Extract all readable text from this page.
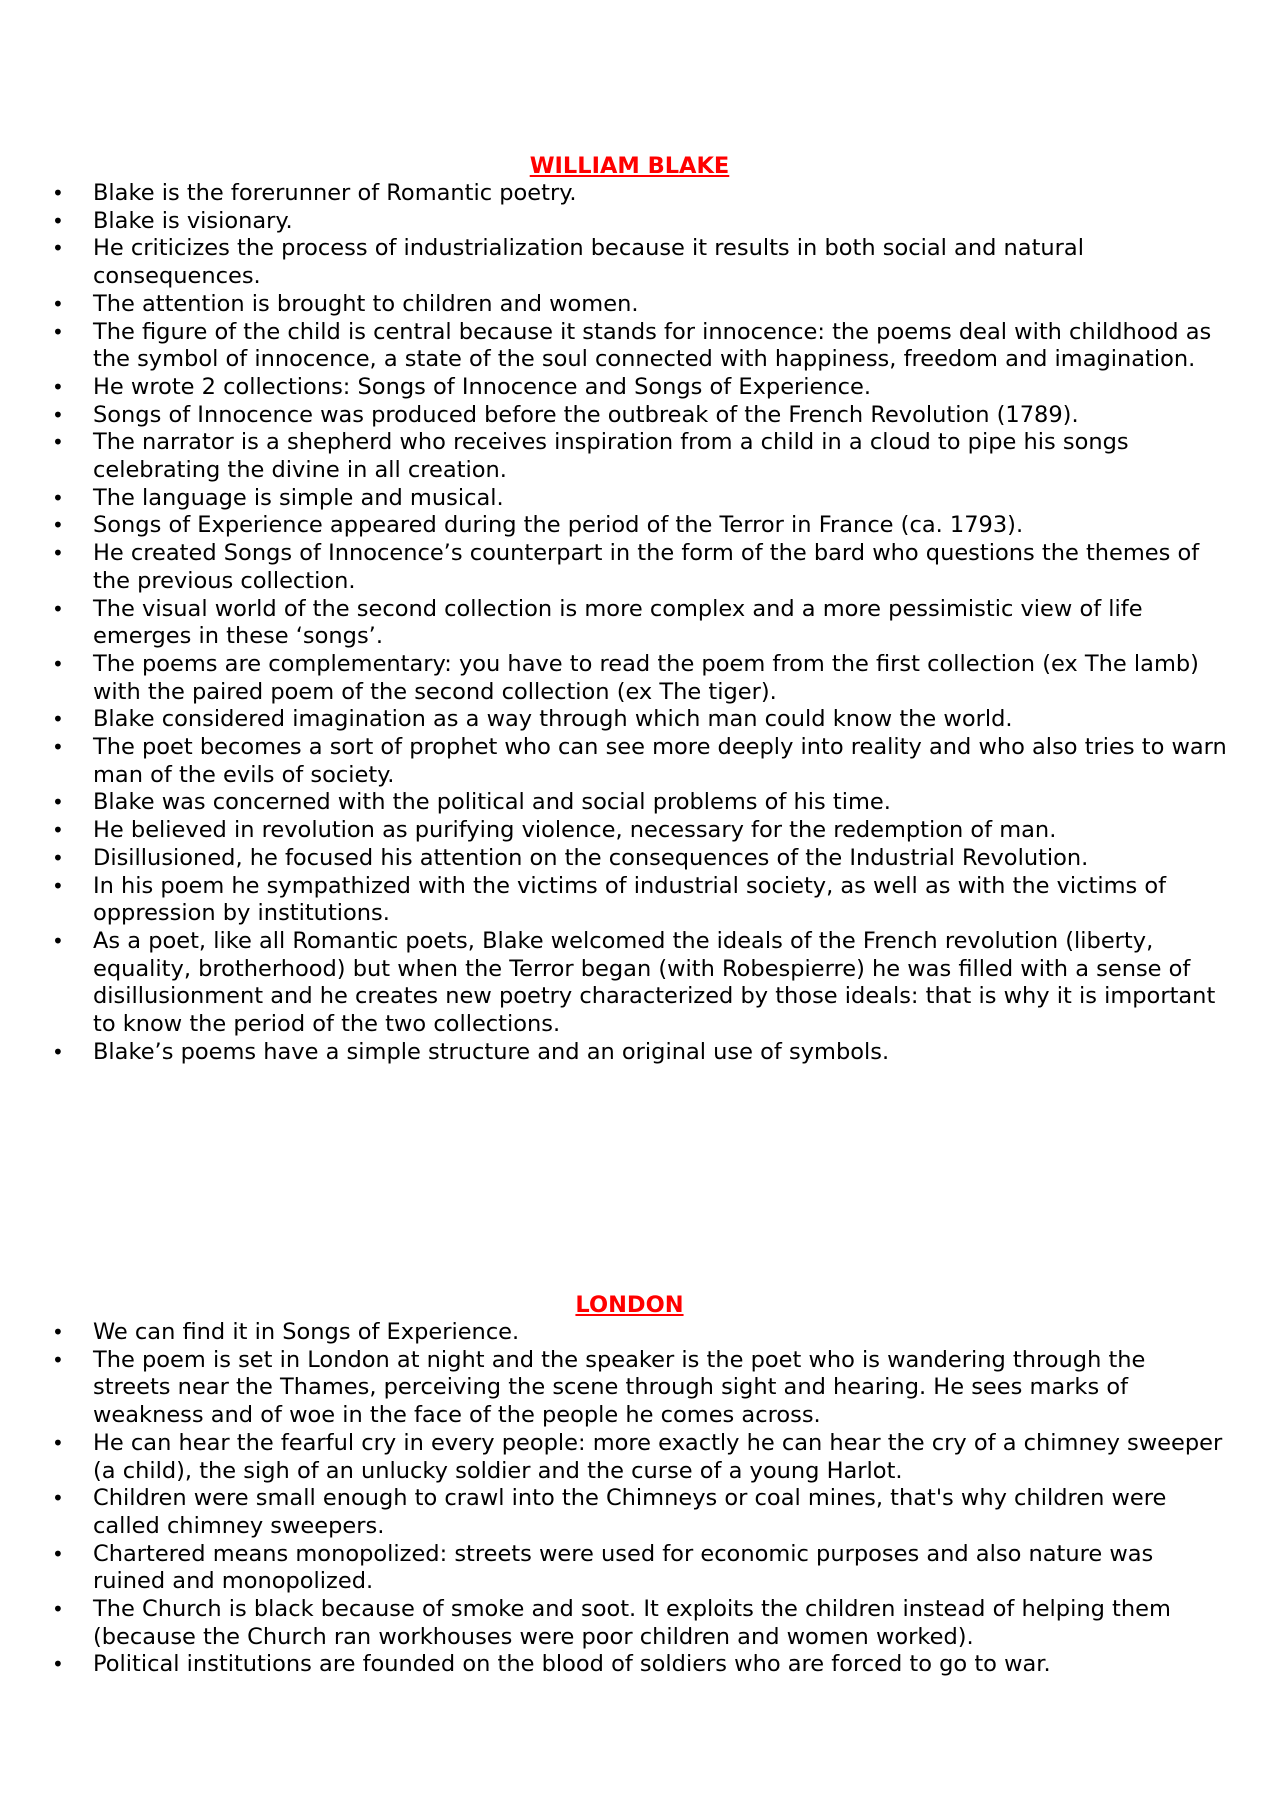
WILLIAM BLAKE
•	Blake is the forerunner of Romantic poetry.
•	Blake is visionary.
•	He criticizes the process of industrialization because it results in both social and natural consequences.
•	The attention is brought to children and women.
•	The figure of the child is central because it stands for innocence: the poems deal with childhood as the symbol of innocence, a state of the soul connected with happiness, freedom and imagination.
•	He wrote 2 collections: Songs of Innocence and Songs of Experience.
•	Songs of Innocence was produced before the outbreak of the French Revolution (1789).
•	The narrator is a shepherd who receives inspiration from a child in a cloud to pipe his songs celebrating the divine in all creation.
•	The language is simple and musical.
•	Songs of Experience appeared during the period of the Terror in France (ca. 1793).
•	He created Songs of Innocence’s counterpart in the form of the bard who questions the themes of the previous collection.
•	The visual world of the second collection is more complex and a more pessimistic view of life emerges in these ‘songs’.
•	The poems are complementary: you have to read the poem from the first collection (ex The lamb) with the paired poem of the second collection (ex The tiger).
•	Blake considered imagination as a way through which man could know the world.
•	The poet becomes a sort of prophet who can see more deeply into reality and who also tries to warn man of the evils of society.
•	Blake was concerned with the political and social problems of his time.
•	He believed in revolution as purifying violence, necessary for the redemption of man.
•	Disillusioned, he focused his attention on the consequences of the Industrial Revolution.
•	In his poem he sympathized with the victims of industrial society, as well as with the victims of oppression by institutions.
•	As a poet, like all Romantic poets, Blake welcomed the ideals of the French revolution (liberty, equality, brotherhood) but when the Terror began (with Robespierre) he was filled with a sense of disillusionment and he creates new poetry characterized by those ideals: that is why it is important to know the period of the two collections.
•	Blake’s poems have a simple structure and an original use of symbols.
LONDON
•	We can find it in Songs of Experience.
•	The poem is set in London at night and the speaker is the poet who is wandering through the streets near the Thames, perceiving the scene through sight and hearing. He sees marks of weakness and of woe in the face of the people he comes across.
•	He can hear the fearful cry in every people: more exactly he can hear the cry of a chimney sweeper (a child), the sigh of an unlucky soldier and the curse of a young Harlot.
•	Children were small enough to crawl into the Chimneys or coal mines, that's why children were called chimney sweepers.
•	Chartered means monopolized: streets were used for economic purposes and also nature was ruined and monopolized.
•	The Church is black because of smoke and soot. It exploits the children instead of helping them (because the Church ran workhouses were poor children and women worked).
•	Political institutions are founded on the blood of soldiers who are forced to go to war.
